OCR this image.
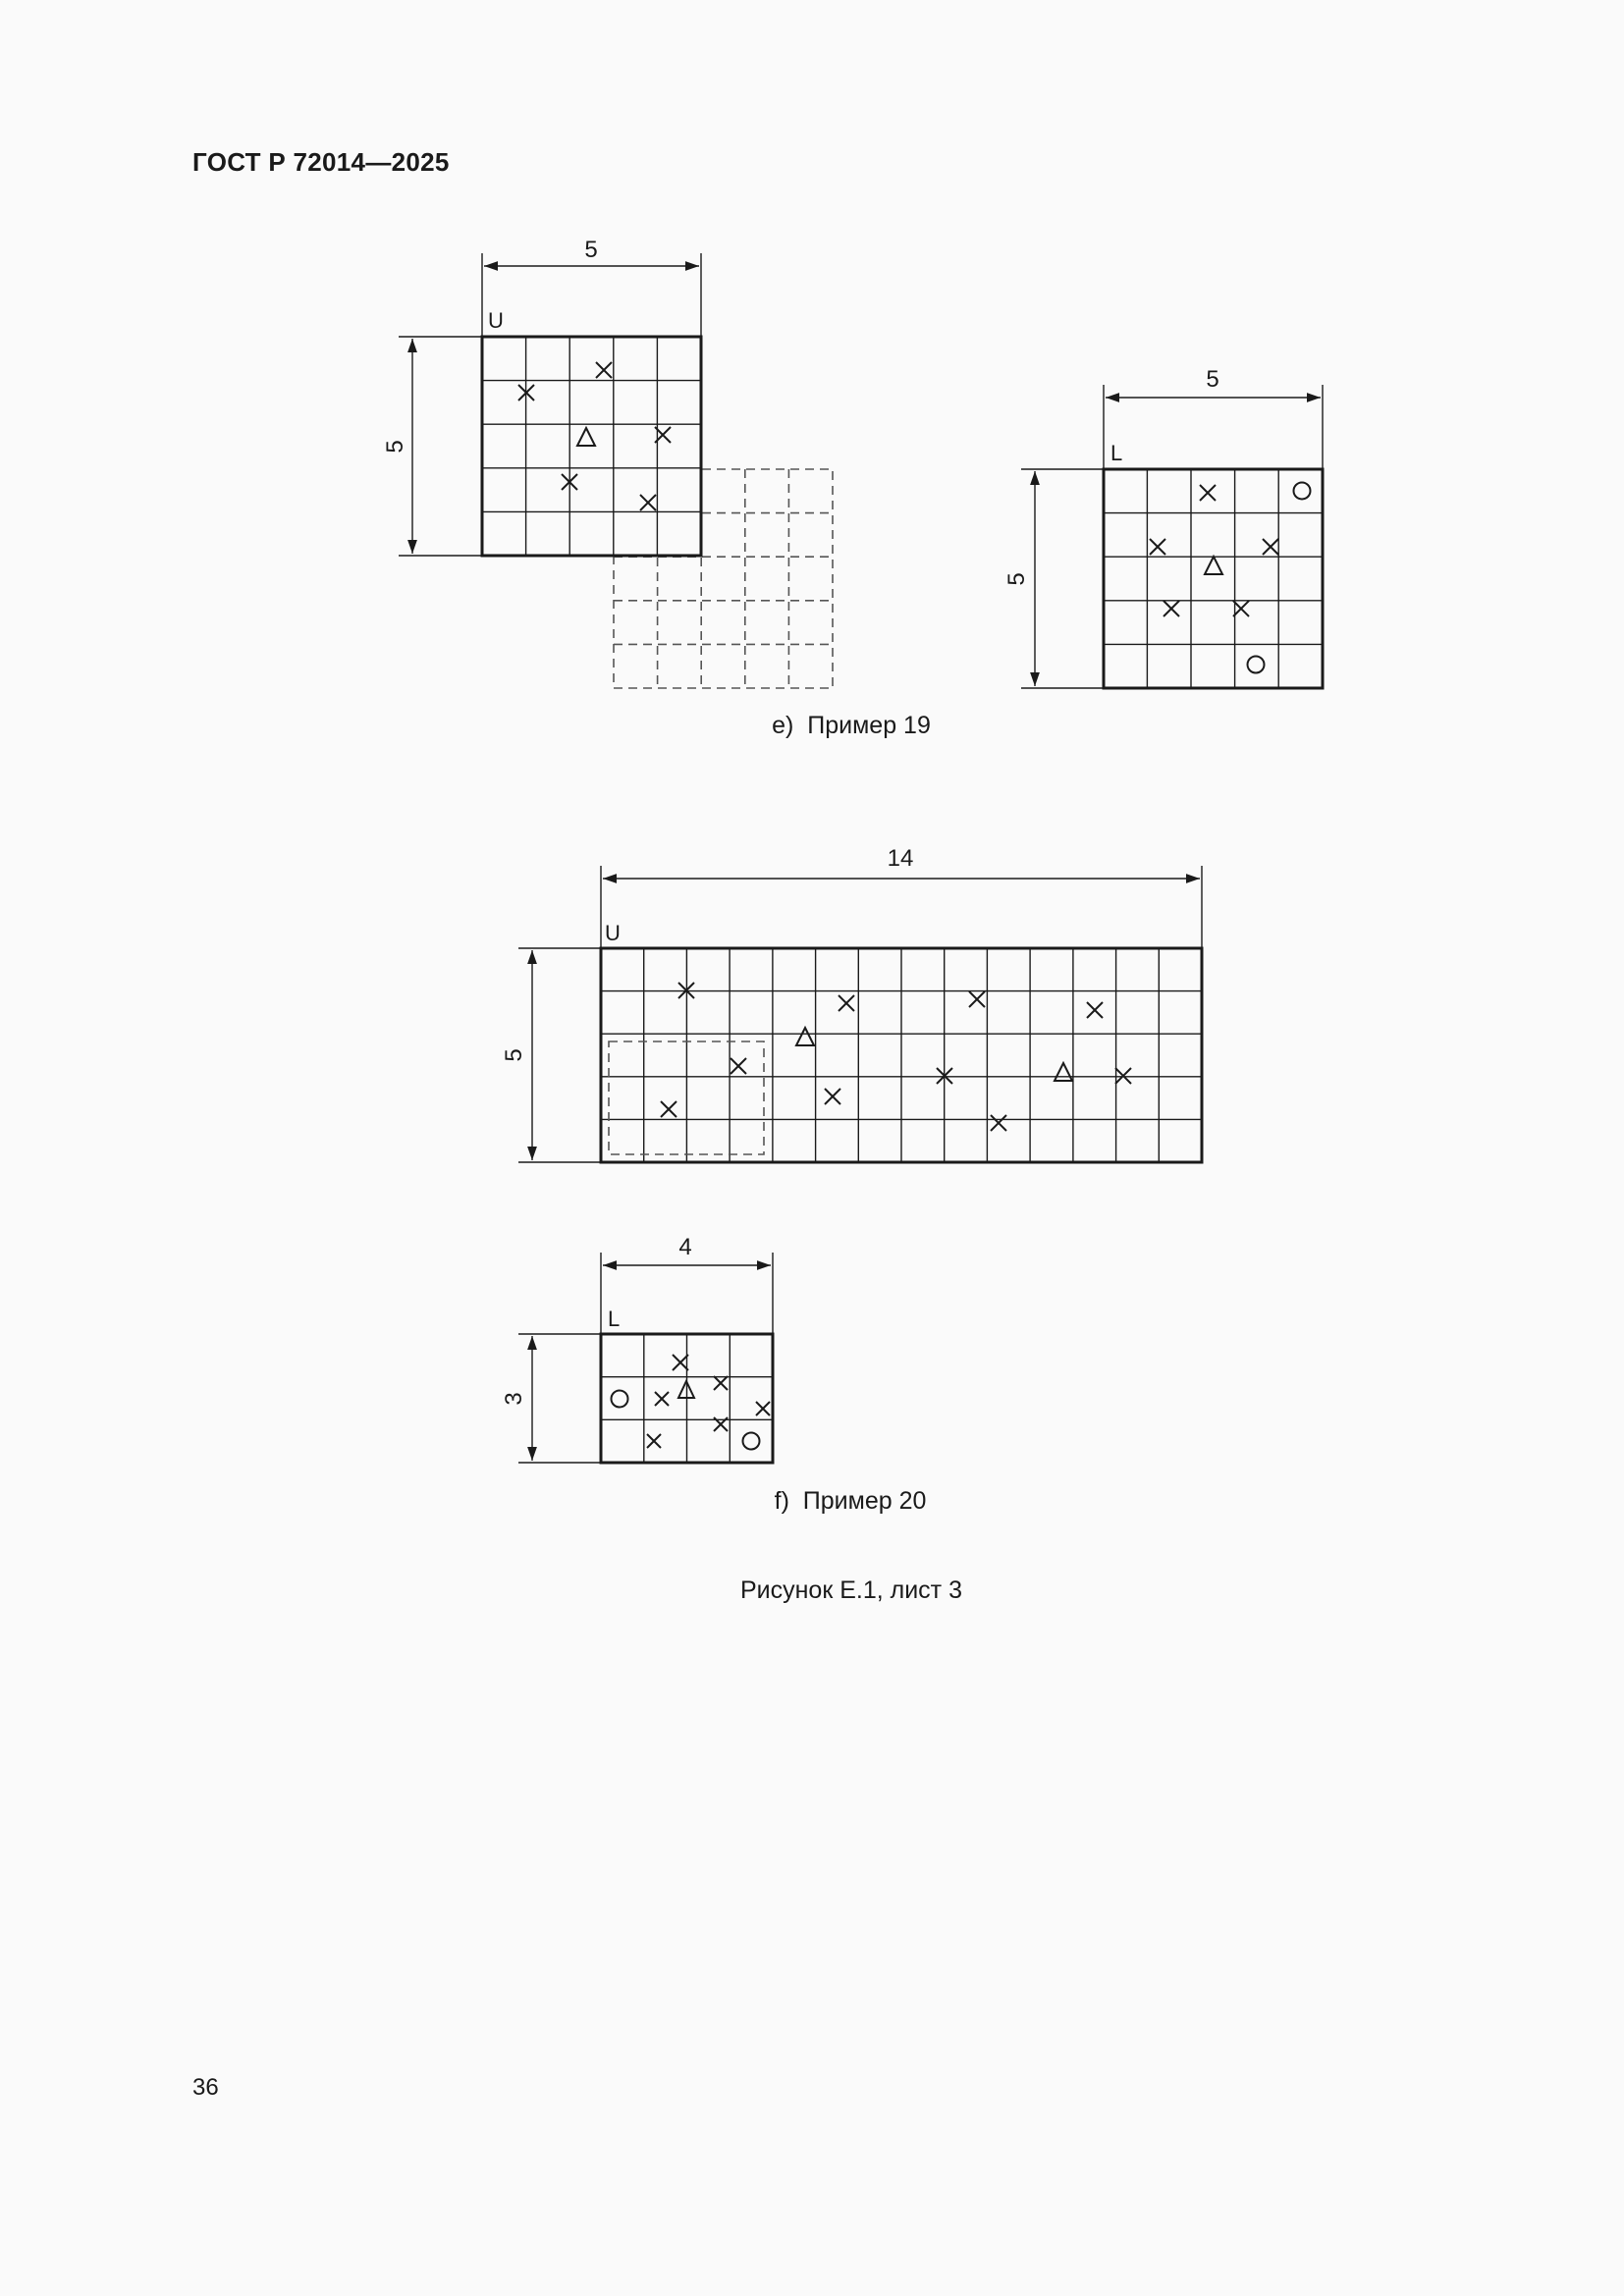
ГОСТ Р 72014—2025
5
5
U
5
5
L
e)  Пример 19
14
5
U
4
3
L
f)  Пример 20
Рисунок Е.1, лист 3
36
